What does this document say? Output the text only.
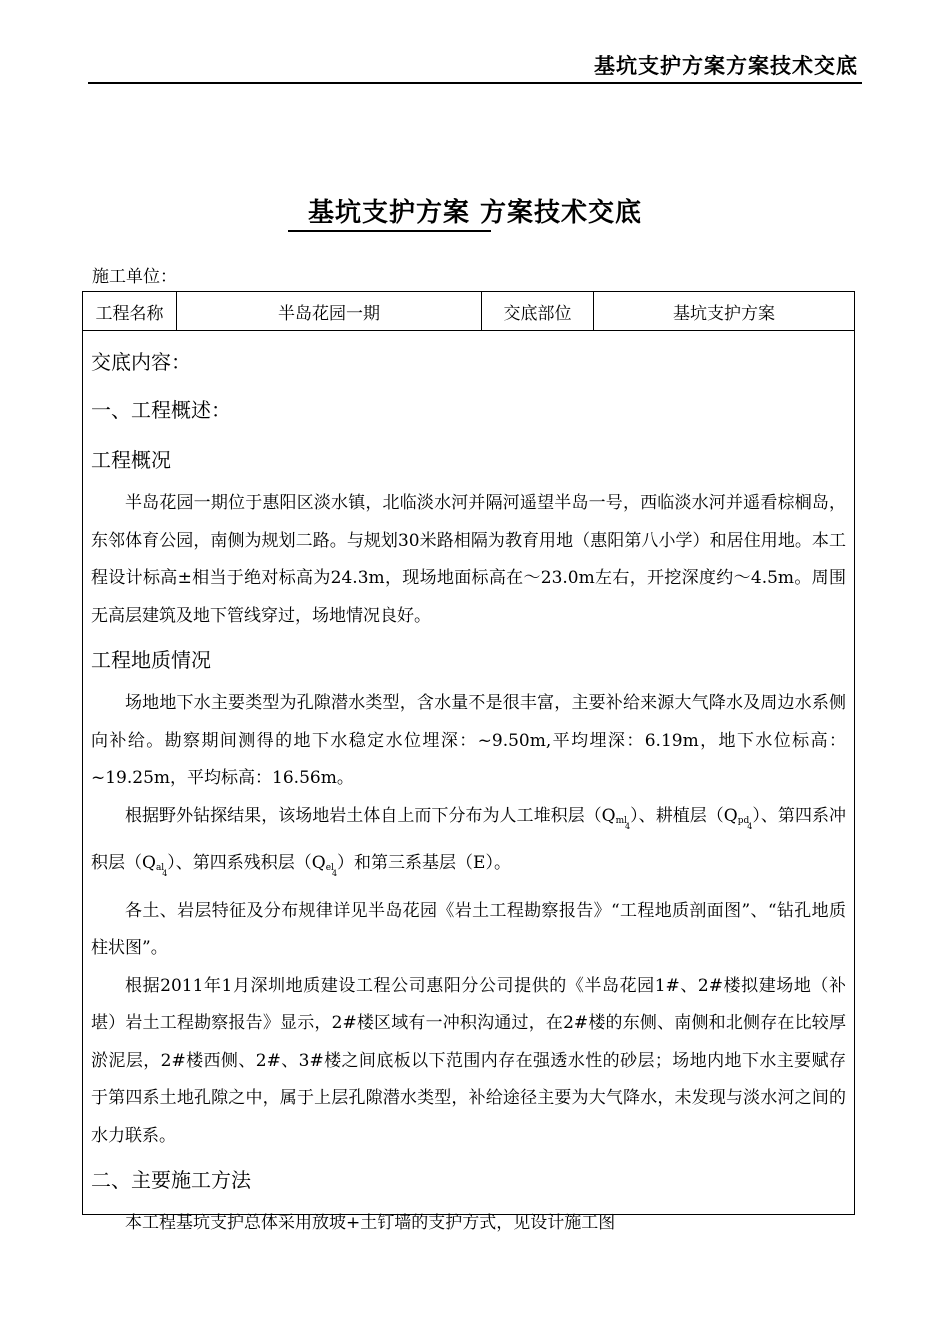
基坑支护方案方案技术交底
基坑支护方案 方案技术交底
施工单位：
工程名称	半岛花园一期	交底部位	基坑支护方案
交底内容：
一、工程概述：
工程概况

半岛花园一期位于惠阳区淡水镇，北临淡水河并隔河遥望半岛一号，西临淡水河并遥看棕榈岛，东邻体育公园，南侧为规划二路。与规划30米路相隔为教育用地（惠阳第八小学）和居住用地。本工程设计标高±相当于绝对标高为24.3m，现场地面标高在～23.0m左右，开挖深度约～4.5m。周围无高层建筑及地下管线穿过，场地情况良好。

工程地质情况

场地地下水主要类型为孔隙潜水类型，含水量不是很丰富，主要补给来源大气降水及周边水系侧向补给。勘察期间测得的地下水稳定水位埋深：~9.50m,平均埋深：6.19m，地下水位标高：~19.25m，平均标高：16.56m。

根据野外钻探结果，该场地岩土体自上而下分布为人工堆积层$(Q_{ml4})$、耕植层$(Q_{pd4})$、第四系冲积层$(Q_{al4})$、第四系残积层$(Q_{el4})$和第三系基层（E）。

各土、岩层特征及分布规律详见半岛花园《岩土工程勘察报告》“工程地质剖面图”、“钻孔地质柱状图”。

根据2011年1月深圳地质建设工程公司惠阳分公司提供的《半岛花园1#、2#楼拟建场地（补堪）岩土工程勘察报告》显示，2#楼区域有一冲积沟通过，在2#楼的东侧、南侧和北侧存在比较厚淤泥层，2#楼西侧、2#、3#楼之间底板以下范围内存在强透水性的砂层；场地内地下水主要赋存于第四系土地孔隙之中，属于上层孔隙潜水类型，补给途径主要为大气降水，未发现与淡水河之间的水力联系。

二、主要施工方法

本工程基坑支护总体采用放坡+土钉墙的支护方式，见设计施工图
